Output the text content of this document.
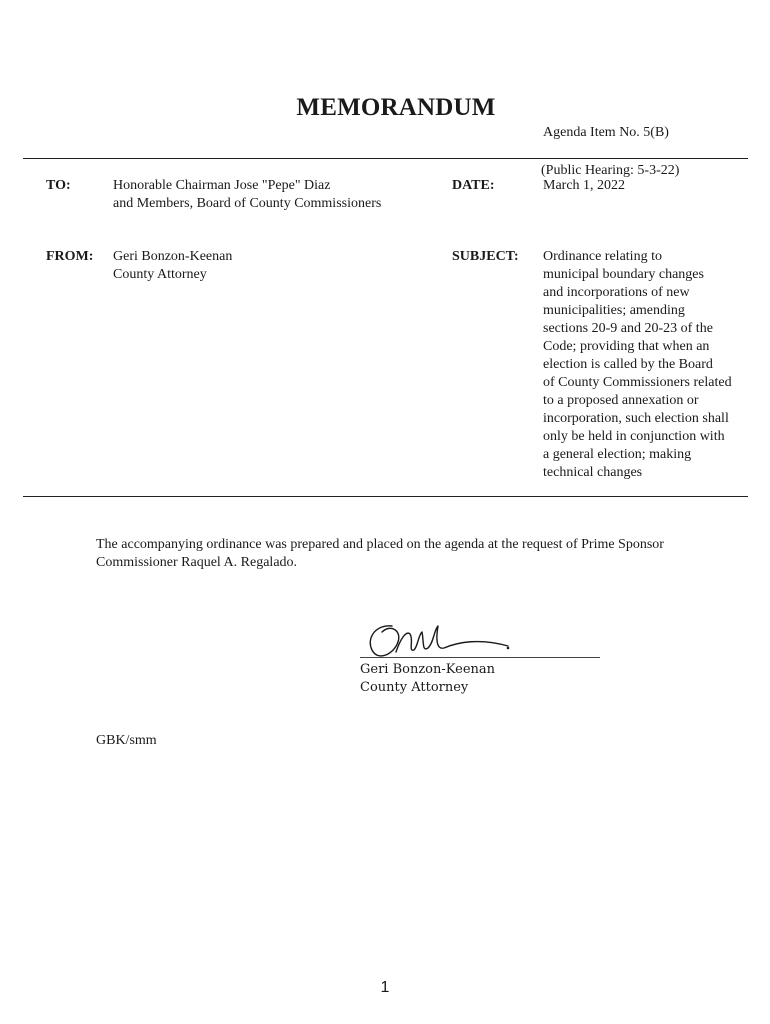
MEMORANDUM
Agenda Item No. 5(B)
TO:	Honorable Chairman Jose "Pepe" Diaz
and Members, Board of County Commissioners
DATE:
(Public Hearing: 5-3-22)
March 1, 2022
FROM: Geri Bonzon-Keenan
County Attorney
SUBJECT: Ordinance relating to
municipal boundary changes
and incorporations of new
municipalities; amending
sections 20-9 and 20-23 of the
Code; providing that when an
election is called by the Board
of County Commissioners related
to a proposed annexation or
incorporation, such election shall
only be held in conjunction with
a general election; making
technical changes
The accompanying ordinance was prepared and placed on the agenda at the request of Prime Sponsor
Commissioner Raquel A. Regalado.
Geri Bonzon-Keenan
County Attorney
GBK/smm
1
